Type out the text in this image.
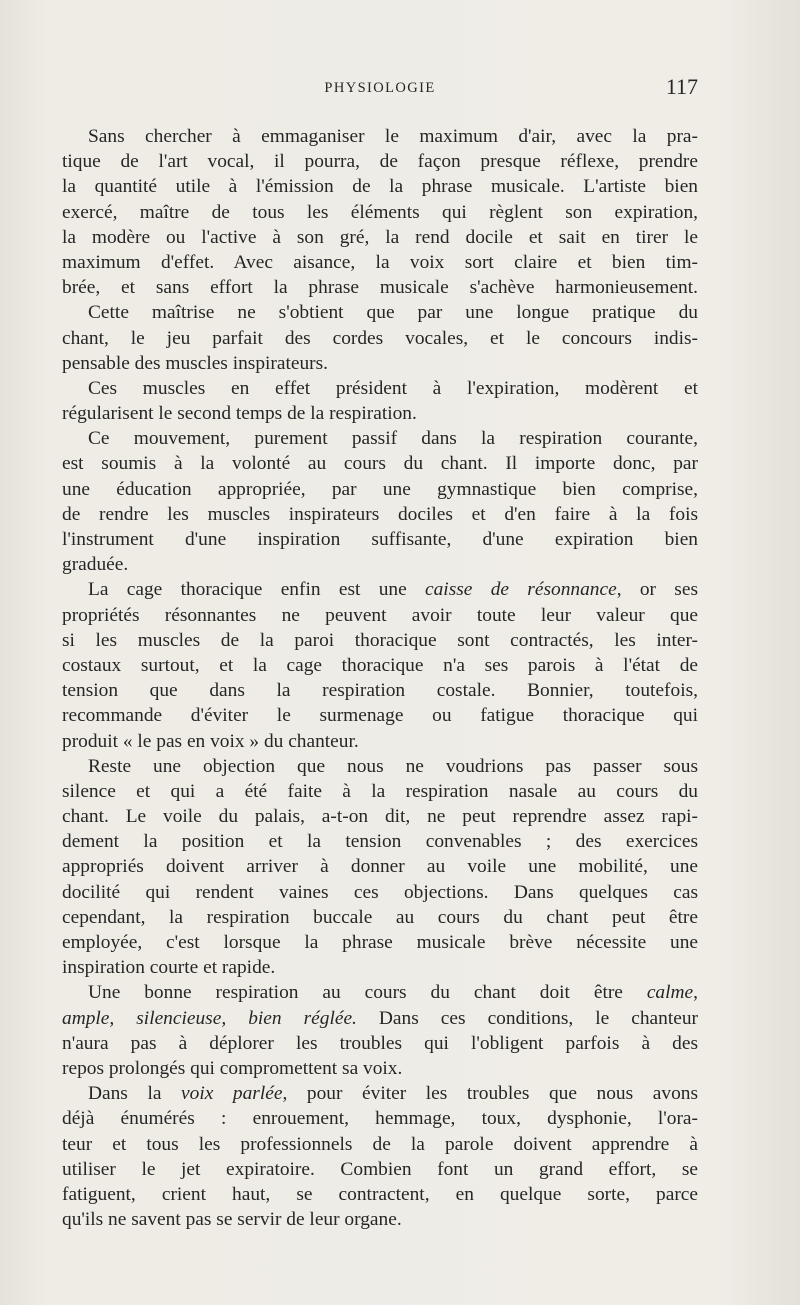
PHYSIOLOGIE	117
Sans chercher à emmaganiser le maximum d'air, avec la pra-
tique de l'art vocal, il pourra, de façon presque réflexe, prendre
la quantité utile à l'émission de la phrase musicale. L'artiste bien
exercé, maître de tous les éléments qui règlent son expiration,
la modère ou l'active à son gré, la rend docile et sait en tirer le
maximum d'effet. Avec aisance, la voix sort claire et bien tim-
brée, et sans effort la phrase musicale s'achève harmonieusement.
Cette maîtrise ne s'obtient que par une longue pratique du
chant, le jeu parfait des cordes vocales, et le concours indis-
pensable des muscles inspirateurs.
Ces muscles en effet président à l'expiration, modèrent et
régularisent le second temps de la respiration.
Ce mouvement, purement passif dans la respiration courante,
est soumis à la volonté au cours du chant. Il importe donc, par
une éducation appropriée, par une gymnastique bien comprise,
de rendre les muscles inspirateurs dociles et d'en faire à la fois
l'instrument d'une inspiration suffisante, d'une expiration bien
graduée.
La cage thoracique enfin est une caisse de résonnance, or ses
propriétés résonnantes ne peuvent avoir toute leur valeur que
si les muscles de la paroi thoracique sont contractés, les inter-
costaux surtout, et la cage thoracique n'a ses parois à l'état de
tension que dans la respiration costale. Bonnier, toutefois,
recommande d'éviter le surmenage ou fatigue thoracique qui
produit « le pas en voix » du chanteur.
Reste une objection que nous ne voudrions pas passer sous
silence et qui a été faite à la respiration nasale au cours du
chant. Le voile du palais, a-t-on dit, ne peut reprendre assez rapi-
dement la position et la tension convenables ; des exercices
appropriés doivent arriver à donner au voile une mobilité, une
docilité qui rendent vaines ces objections. Dans quelques cas
cependant, la respiration buccale au cours du chant peut être
employée, c'est lorsque la phrase musicale brève nécessite une
inspiration courte et rapide.
Une bonne respiration au cours du chant doit être calme,
ample, silencieuse, bien réglée. Dans ces conditions, le chanteur
n'aura pas à déplorer les troubles qui l'obligent parfois à des
repos prolongés qui compromettent sa voix.
Dans la voix parlée, pour éviter les troubles que nous avons
déjà énumérés : enrouement, hemmage, toux, dysphonie, l'ora-
teur et tous les professionnels de la parole doivent apprendre à
utiliser le jet expiratoire. Combien font un grand effort, se
fatiguent, crient haut, se contractent, en quelque sorte, parce
qu'ils ne savent pas se servir de leur organe.
